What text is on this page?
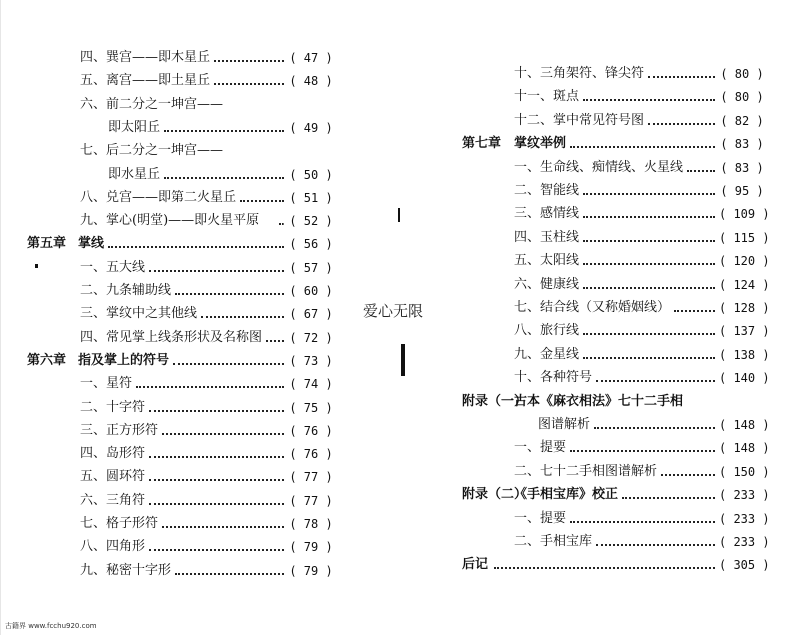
四、巽宫——即木星丘	( 47 )
五、离宫——即土星丘	( 48 )
六、前二分之一坤宫——
即太阳丘	( 49 )
七、后二分之一坤宫——
即水星丘	( 50 )
八、兑宫——即第二火星丘	( 51 )
九、掌心(明堂)——即火星平原	( 52 )
第五章 掌线	( 56 )
一、五大线	( 57 )
二、九条辅助线	( 60 )
三、掌纹中之其他线	( 67 )
四、常见掌上线条形状及名称图	( 72 )
第六章 指及掌上的符号	( 73 )
一、星符	( 74 )
二、十字符	( 75 )
三、正方形符	( 76 )
四、岛形符	( 76 )
五、圆环符	( 77 )
六、三角符	( 77 )
七、格子形符	( 78 )
八、四角形	( 79 )
九、秘密十字形	( 79 )
十、三角架符、锋尖符	( 80 )
十一、斑点	( 80 )
十二、掌中常见符号图	( 82 )
第七章 掌纹举例	( 83 )
一、生命线、痴情线、火星线	( 83 )
二、智能线	( 95 )
三、感情线	( 109 )
四、玉柱线	( 115 )
五、太阳线	( 120 )
六、健康线	( 124 )
七、结合线（又称婚姻线）	( 128 )
八、旅行线	( 137 )
九、金星线	( 138 )
十、各种符号	( 140 )
附录（一）
古本《麻衣相法》七十二手相
图谱解析	( 148 )
一、提要	( 148 )
二、七十二手相图谱解析	( 150 )
附录（二）
《手相宝库》校正	( 233 )
一、提要	( 233 )
二、手相宝库	( 233 )
后记	( 305 )
爱心无限
古籍界 www.fcchu920.com
